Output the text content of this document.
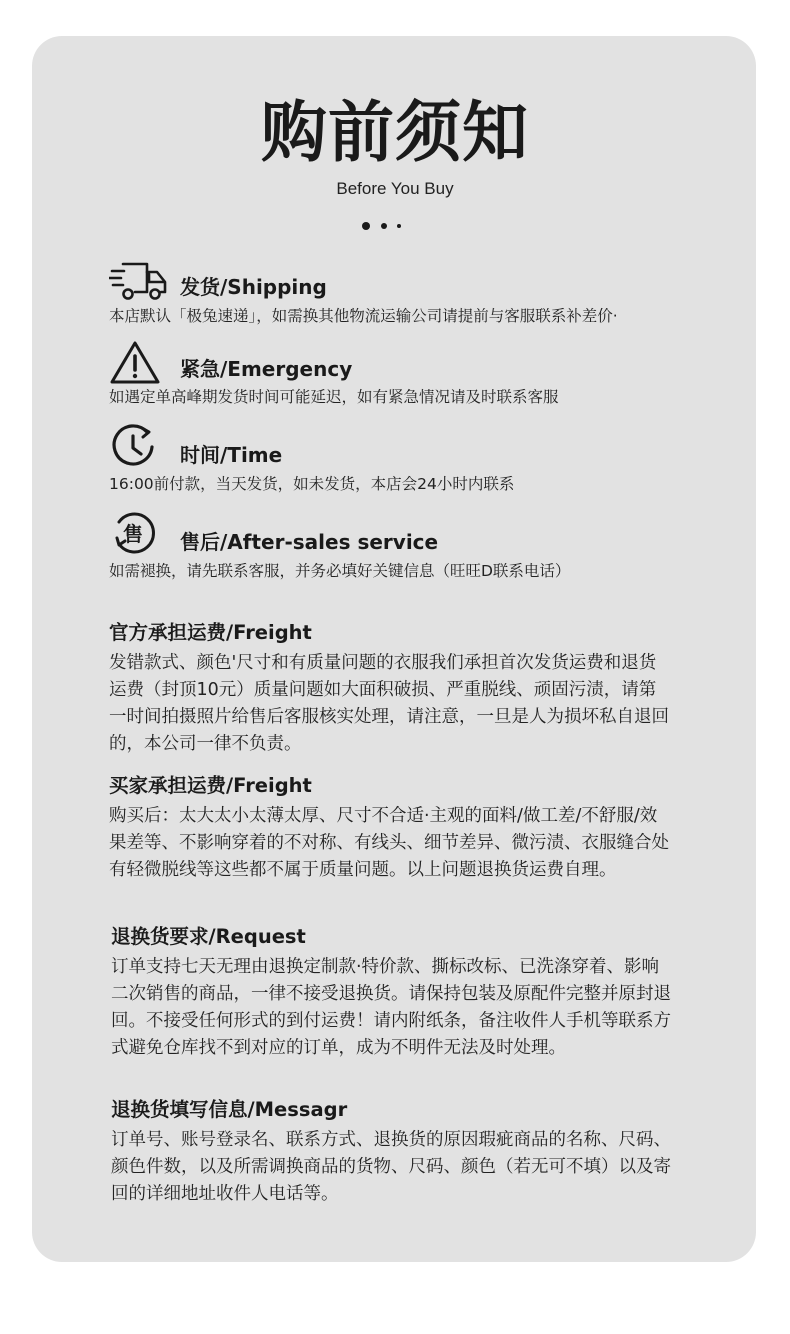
购前须知
Before You Buy
发货/Shipping
本店默认「极兔速递」，如需换其他物流运输公司请提前与客服联系补差价·
紧急/Emergency
如遇定单高峰期发货时间可能延迟，如有紧急情况请及时联系客服
时间/Time
16:00前付款，当天发货，如未发货，本店会24小时内联系
售 售后/After-sales service
如需褪换，请先联系客服，并务必填好关键信息（旺旺D联系电话）
官方承担运费/Freight
发错款式、颜色'尺寸和有质量问题的衣服我们承担首次发货运费和退货运费（封顶10元）质量问题如大面积破损、严重脱线、顽固污渍，请第一时间拍摄照片给售后客服核实处理，请注意，一旦是人为损坏私自退回的，本公司一律不负责。
买家承担运费/Freight
购买后：太大太小太薄太厚、尺寸不合适·主观的面料/做工差/不舒服/效果差等、不影响穿着的不对称、有线头、细节差异、微污渍、衣服缝合处有轻微脱线等这些都不属于质量问题。以上问题退换货运费自理。
退换货要求/Request
订单支持七天无理由退换定制款·特价款、撕标改标、已洗涤穿着、影响二次销售的商品，一律不接受退换货。请保持包装及原配件完整并原封退回。不接受任何形式的到付运费！请内附纸条，备注收件人手机等联系方式避免仓库找不到对应的订单，成为不明件无法及时处理。
退换货填写信息/Messagr
订单号、账号登录名、联系方式、退换货的原因瑕疵商品的名称、尺码、颜色件数，以及所需调换商品的货物、尺码、颜色（若无可不填）以及寄回的详细地址收件人电话等。
